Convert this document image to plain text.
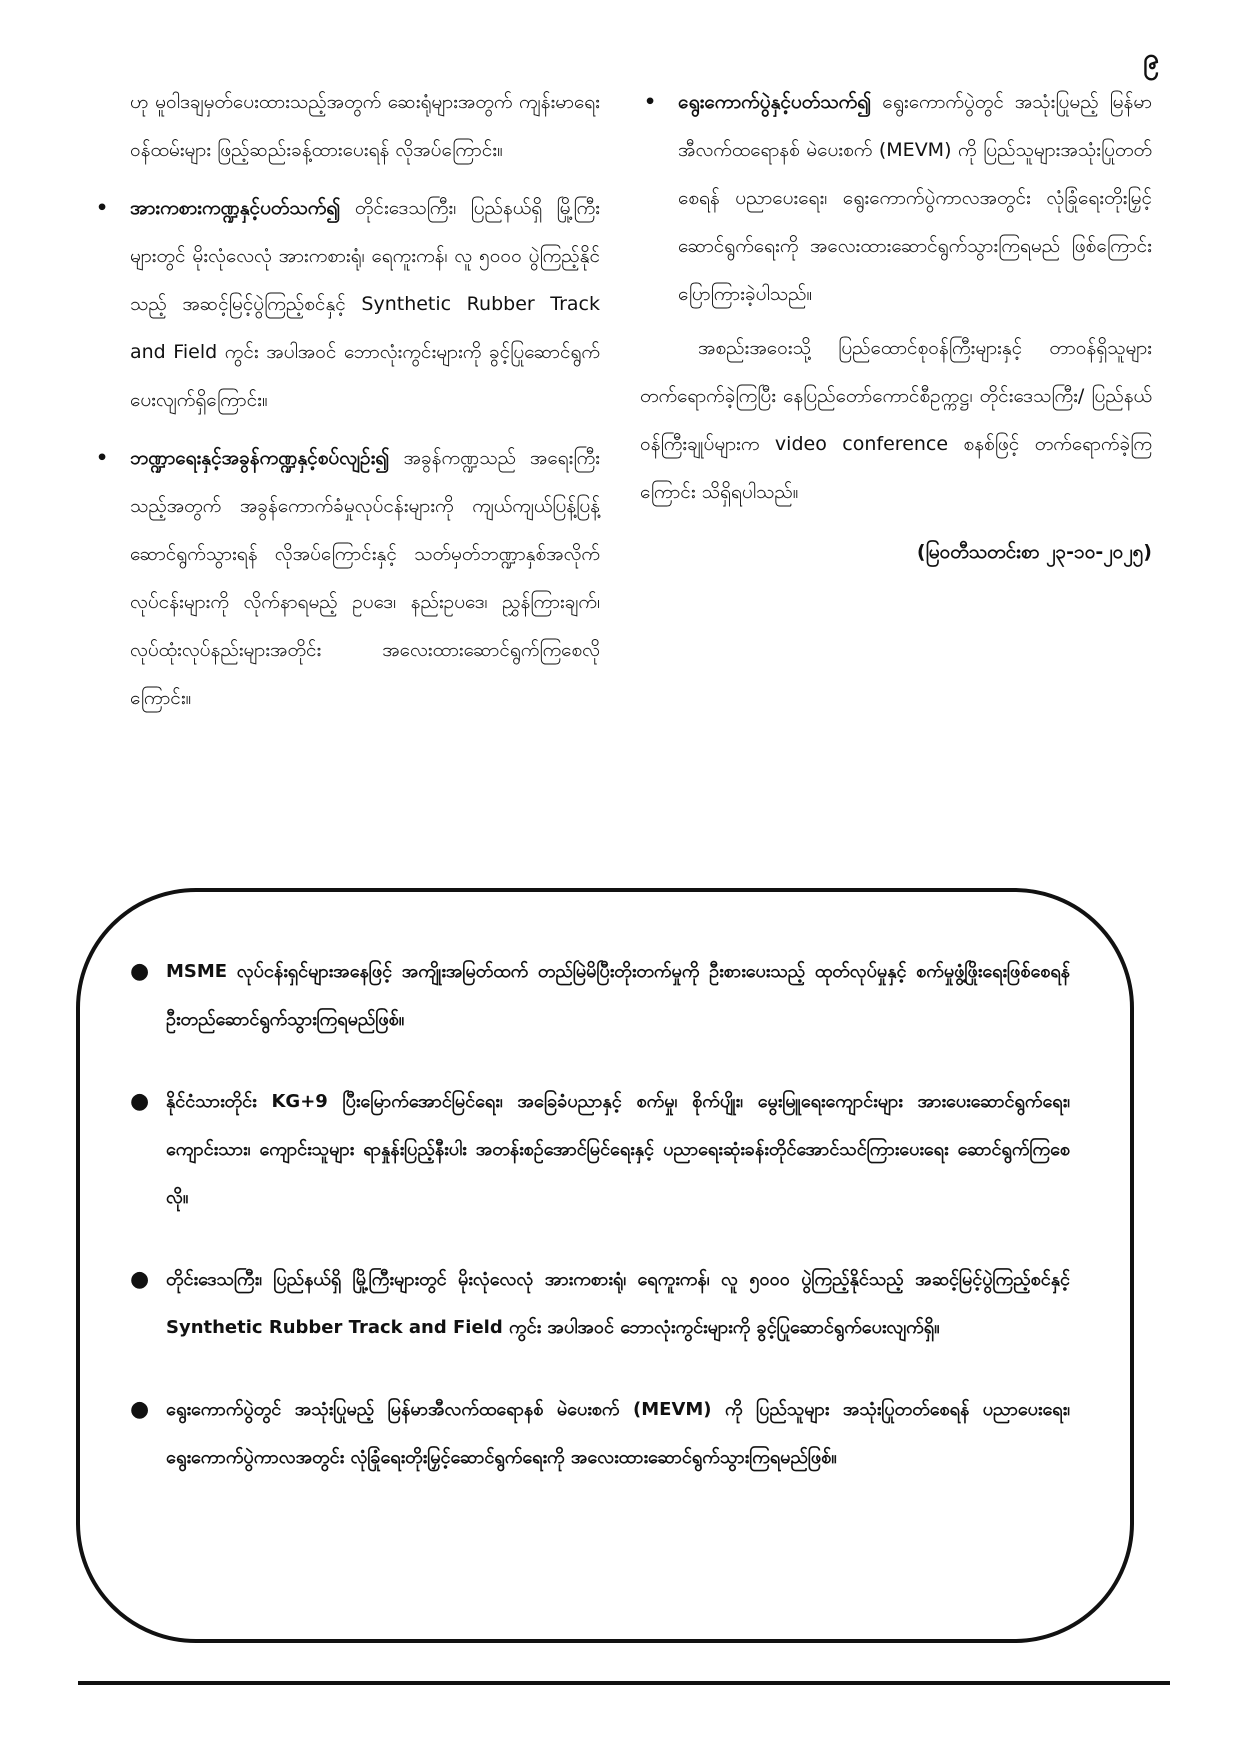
၉

ဟု မူဝါဒချမှတ်ပေးထားသည့်အတွက် ဆေးရုံများအတွက် ကျန်းမာရေးဝန်ထမ်းများ ဖြည့်ဆည်းခန့်ထားပေးရန် လိုအပ်ကြောင်း။

• အားကစားကဏ္ဍနှင့်ပတ်သက်၍ တိုင်းဒေသကြီး၊ ပြည်နယ်ရှိ မြို့ကြီးများတွင် မိုးလုံလေလုံ အားကစားရုံ၊ ရေကူးကန်၊ လူ ၅၀၀၀ ပွဲကြည့်နိုင်သည့် အဆင့်မြင့်ပွဲကြည့်စင်နှင့် Synthetic Rubber Track and Field ကွင်း အပါအဝင် ဘောလုံးကွင်းများကို ခွင့်ပြုဆောင်ရွက်ပေးလျက်ရှိကြောင်း။
• ဘဏ္ဍာရေးနှင့်အခွန်ကဏ္ဍနှင့်စပ်လျဉ်း၍ အခွန်ကဏ္ဍသည် အရေးကြီးသည့်အတွက် အခွန်ကောက်ခံမှုလုပ်ငန်းများကို ကျယ်ကျယ်ပြန့်ပြန့် ဆောင်ရွက်သွားရန် လိုအပ်ကြောင်းနှင့် သတ်မှတ်ဘဏ္ဍာနှစ်အလိုက် လုပ်ငန်းများကို လိုက်နာရမည့် ဥပဒေ၊ နည်းဥပဒေ၊ ညွှန်ကြားချက်၊ လုပ်ထုံးလုပ်နည်းများအတိုင်း အလေးထားဆောင်ရွက်ကြစေလိုကြောင်း။
• ရွေးကောက်ပွဲနှင့်ပတ်သက်၍ ရွေးကောက်ပွဲတွင် အသုံးပြုမည့် မြန်မာအီလက်ထရောနစ် မဲပေးစက် (MEVM) ကို ပြည်သူများအသုံးပြုတတ်စေရန် ပညာပေးရေး၊ ရွေးကောက်ပွဲကာလအတွင်း လုံခြုံရေးတိုးမြှင့်ဆောင်ရွက်ရေးကို အလေးထားဆောင်ရွက်သွားကြရမည် ဖြစ်ကြောင်း ပြောကြားခဲ့ပါသည်။

အစည်းအဝေးသို့ ပြည်ထောင်စုဝန်ကြီးများနှင့် တာဝန်ရှိသူများ တက်ရောက်ခဲ့ကြပြီး နေပြည်တော်ကောင်စီဥက္ကဋ္ဌ၊ တိုင်းဒေသကြီး/ ပြည်နယ်ဝန်ကြီးချုပ်များက video conference စနစ်ဖြင့် တက်ရောက်ခဲ့ကြကြောင်း သိရှိရပါသည်။

(မြဝတီသတင်းစာ ၂၃-၁၀-၂၀၂၅)

● MSME လုပ်ငန်းရှင်များအနေဖြင့် အကျိုးအမြတ်ထက် တည်မြဲမိပြီးတိုးတက်မှုကို ဦးစားပေးသည့် ထုတ်လုပ်မှုနှင့် စက်မှုဖွံ့ဖြိုးရေးဖြစ်စေရန် ဦးတည်ဆောင်ရွက်သွားကြရမည်ဖြစ်။
● နိုင်ငံသားတိုင်း KG+9 ပြီးမြောက်အောင်မြင်ရေး၊ အခြေခံပညာနှင့် စက်မှု၊ စိုက်ပျိုး၊ မွေးမြူရေးကျောင်းများ အားပေးဆောင်ရွက်ရေး၊ ကျောင်းသား၊ ကျောင်းသူများ ရာနှုန်းပြည့်နီးပါး အတန်းစဉ်အောင်မြင်ရေးနှင့် ပညာရေးဆုံးခန်းတိုင်အောင်သင်ကြားပေးရေး ဆောင်ရွက်ကြစေလို။
● တိုင်းဒေသကြီး၊ ပြည်နယ်ရှိ မြို့ကြီးများတွင် မိုးလုံလေလုံ အားကစားရုံ၊ ရေကူးကန်၊ လူ ၅၀၀၀ ပွဲကြည့်နိုင်သည့် အဆင့်မြင့်ပွဲကြည့်စင်နှင့် Synthetic Rubber Track and Field ကွင်း အပါအဝင် ဘောလုံးကွင်းများကို ခွင့်ပြုဆောင်ရွက်ပေးလျက်ရှိ။
● ရွေးကောက်ပွဲတွင် အသုံးပြုမည့် မြန်မာအီလက်ထရောနစ် မဲပေးစက် (MEVM) ကို ပြည်သူများ အသုံးပြုတတ်စေရန် ပညာပေးရေး၊ ရွေးကောက်ပွဲကာလအတွင်း လုံခြုံရေးတိုးမြှင့်ဆောင်ရွက်ရေးကို အလေးထားဆောင်ရွက်သွားကြရမည်ဖြစ်။
